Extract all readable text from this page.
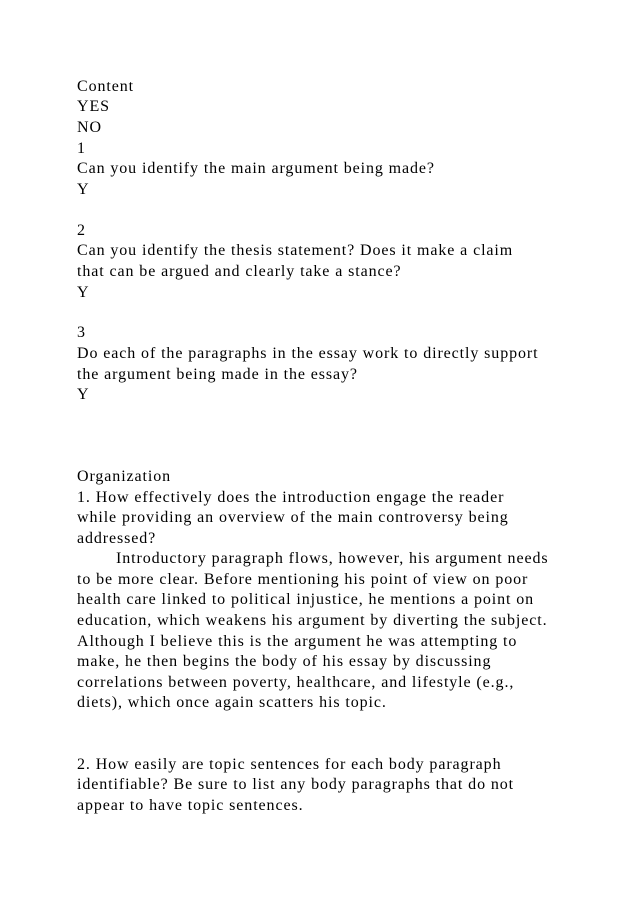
Content

YES

NO

1

Can you identify the main argument being made?

Y

2

Can you identify the thesis statement? Does it make a claim

that can be argued and clearly take a stance?

Y

3

Do each of the paragraphs in the essay work to directly support

the argument being made in the essay?

Y

Organization

1. How effectively does the introduction engage the reader

while providing an overview of the main controversy being

addressed?

Introductory paragraph flows, however, his argument needs

to be more clear. Before mentioning his point of view on poor

health care linked to political injustice, he mentions a point on

education, which weakens his argument by diverting the subject.

Although I believe this is the argument he was attempting to

make, he then begins the body of his essay by discussing

correlations between poverty, healthcare, and lifestyle (e.g.,

diets), which once again scatters his topic.

2. How easily are topic sentences for each body paragraph

identifiable? Be sure to list any body paragraphs that do not

appear to have topic sentences.
